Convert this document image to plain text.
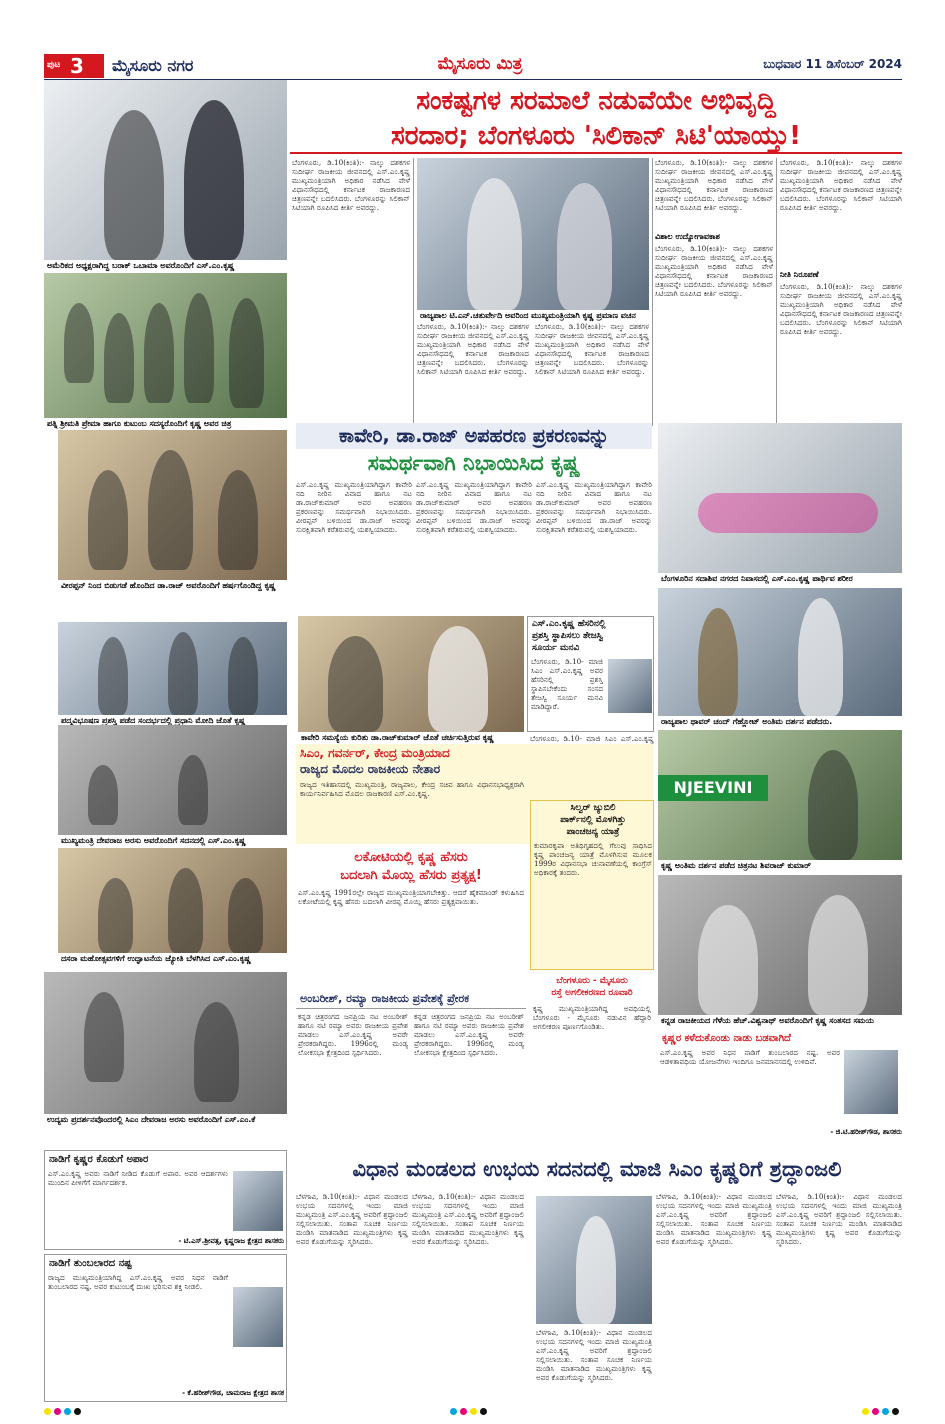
ಪುಟ 3 ಮೈಸೂರು ನಗರ	ಮೈಸೂರು ಮಿತ್ರ	ಬುಧವಾರ 11 ಡಿಸೆಂಬರ್ 2024
ಅಮೆರಿಕದ ಅಧ್ಯಕ್ಷರಾಗಿದ್ದ ಬರಾಕ್ ಒಬಾಮಾ ಅವರೊಂದಿಗೆ ಎಸ್.ಎಂ.ಕೃಷ್ಣ
ಪತ್ನಿ ಶ್ರೀಮತಿ ಪ್ರೇಮಾ ಹಾಗೂ ಕುಟುಂಬ ಸದಸ್ಯರೊಂದಿಗೆ ಕೃಷ್ಣ ಅವರ ಚಿತ್ರ
ವೀರಪ್ಪನ್ ನಿಂದ ಬಿಡುಗಡೆ ಹೊಂದಿದ ಡಾ.ರಾಜ್ ಅವರೊಂದಿಗೆ ಹರ್ಷಗೊಂಡಿದ್ದ ಕೃಷ್ಣ
ಪದ್ಮವಿಭೂಷಣ ಪ್ರಶಸ್ತಿ ಪಡೆದ ಸಂದರ್ಭದಲ್ಲಿ ಪ್ರಧಾನಿ ಮೋದಿ ಜೊತೆ ಕೃಷ್ಣ
ಮುಖ್ಯಮಂತ್ರಿ ದೇವರಾಜ ಅರಸು ಅವರೊಂದಿಗೆ ಸದನದಲ್ಲಿ ಎಸ್.ಎಂ.ಕೃಷ್ಣ
ದಸರಾ ಮಹೋತ್ಸವಗಳಿಗೆ ಉದ್ಘಾಟನೆಯ ಜ್ಯೋತಿ ಬೆಳಗಿಸಿದ ಎಸ್.ಎಂ.ಕೃಷ್ಣ
ಉದ್ಯಮ ಪ್ರದರ್ಶನವೊಂದರಲ್ಲಿ ಸಿಎಂ ದೇವರಾಜ ಅರಸು ಅವರೊಂದಿಗೆ ಎಸ್.ಎಂ.ಕೆ
ಸಂಕಷ್ಟಗಳ ಸರಮಾಲೆ ನಡುವೆಯೇ ಅಭಿವೃದ್ಧಿ
ಸರದಾರ; ಬೆಂಗಳೂರು 'ಸಿಲಿಕಾನ್ ಸಿಟಿ'ಯಾಯ್ತು!
ಬೆಂಗಳೂರು, ಡಿ.10(ಕಿಂತಿ):- ನಾಲ್ಕು ದಶಕಗಳ ಸುದೀರ್ಘ ರಾಜಕೀಯ ಜೀವನದಲ್ಲಿ ಎಸ್.ಎಂ.ಕೃಷ್ಣ ಮುಖ್ಯಮಂತ್ರಿಯಾಗಿ ಅಧಿಕಾರ ನಡೆಸಿದ ವೇಳೆ ವಿಧಾನಸೌಧದಲ್ಲಿ ಕರ್ನಾಟಕ ರಾಜಕಾರಣದ ಚಿತ್ರಣವನ್ನೇ ಬದಲಿಸಿದರು. ಬೆಂಗಳೂರನ್ನು ಸಿಲಿಕಾನ್ ಸಿಟಿಯಾಗಿ ರೂಪಿಸಿದ ಕೀರ್ತಿ ಅವರದ್ದು.
ರಾಜ್ಯಪಾಲ ಟಿ.ಎನ್.ಚತುರ್ವೇದಿ ಅವರಿಂದ ಮುಖ್ಯಮಂತ್ರಿಯಾಗಿ ಕೃಷ್ಣ ಪ್ರಮಾಣ ವಚನ
ಬೆಂಗಳೂರು, ಡಿ.10(ಕಿಂತಿ):- ನಾಲ್ಕು ದಶಕಗಳ ಸುದೀರ್ಘ ರಾಜಕೀಯ ಜೀವನದಲ್ಲಿ ಎಸ್.ಎಂ.ಕೃಷ್ಣ ಮುಖ್ಯಮಂತ್ರಿಯಾಗಿ ಅಧಿಕಾರ ನಡೆಸಿದ ವೇಳೆ ವಿಧಾನಸೌಧದಲ್ಲಿ ಕರ್ನಾಟಕ ರಾಜಕಾರಣದ ಚಿತ್ರಣವನ್ನೇ ಬದಲಿಸಿದರು. ಬೆಂಗಳೂರನ್ನು ಸಿಲಿಕಾನ್ ಸಿಟಿಯಾಗಿ ರೂಪಿಸಿದ ಕೀರ್ತಿ ಅವರದ್ದು.
ಬೆಂಗಳೂರು, ಡಿ.10(ಕಿಂತಿ):- ನಾಲ್ಕು ದಶಕಗಳ ಸುದೀರ್ಘ ರಾಜಕೀಯ ಜೀವನದಲ್ಲಿ ಎಸ್.ಎಂ.ಕೃಷ್ಣ ಮುಖ್ಯಮಂತ್ರಿಯಾಗಿ ಅಧಿಕಾರ ನಡೆಸಿದ ವೇಳೆ ವಿಧಾನಸೌಧದಲ್ಲಿ ಕರ್ನಾಟಕ ರಾಜಕಾರಣದ ಚಿತ್ರಣವನ್ನೇ ಬದಲಿಸಿದರು. ಬೆಂಗಳೂರನ್ನು ಸಿಲಿಕಾನ್ ಸಿಟಿಯಾಗಿ ರೂಪಿಸಿದ ಕೀರ್ತಿ ಅವರದ್ದು.
ಬೆಂಗಳೂರು, ಡಿ.10(ಕಿಂತಿ):- ನಾಲ್ಕು ದಶಕಗಳ ಸುದೀರ್ಘ ರಾಜಕೀಯ ಜೀವನದಲ್ಲಿ ಎಸ್.ಎಂ.ಕೃಷ್ಣ ಮುಖ್ಯಮಂತ್ರಿಯಾಗಿ ಅಧಿಕಾರ ನಡೆಸಿದ ವೇಳೆ ವಿಧಾನಸೌಧದಲ್ಲಿ ಕರ್ನಾಟಕ ರಾಜಕಾರಣದ ಚಿತ್ರಣವನ್ನೇ ಬದಲಿಸಿದರು. ಬೆಂಗಳೂರನ್ನು ಸಿಲಿಕಾನ್ ಸಿಟಿಯಾಗಿ ರೂಪಿಸಿದ ಕೀರ್ತಿ ಅವರದ್ದು.
ವಿಶಾಲ ಉದ್ಯೋಗಾವಕಾಶ
ಬೆಂಗಳೂರು, ಡಿ.10(ಕಿಂತಿ):- ನಾಲ್ಕು ದಶಕಗಳ ಸುದೀರ್ಘ ರಾಜಕೀಯ ಜೀವನದಲ್ಲಿ ಎಸ್.ಎಂ.ಕೃಷ್ಣ ಮುಖ್ಯಮಂತ್ರಿಯಾಗಿ ಅಧಿಕಾರ ನಡೆಸಿದ ವೇಳೆ ವಿಧಾನಸೌಧದಲ್ಲಿ ಕರ್ನಾಟಕ ರಾಜಕಾರಣದ ಚಿತ್ರಣವನ್ನೇ ಬದಲಿಸಿದರು. ಬೆಂಗಳೂರನ್ನು ಸಿಲಿಕಾನ್ ಸಿಟಿಯಾಗಿ ರೂಪಿಸಿದ ಕೀರ್ತಿ ಅವರದ್ದು.
ಬೆಂಗಳೂರು, ಡಿ.10(ಕಿಂತಿ):- ನಾಲ್ಕು ದಶಕಗಳ ಸುದೀರ್ಘ ರಾಜಕೀಯ ಜೀವನದಲ್ಲಿ ಎಸ್.ಎಂ.ಕೃಷ್ಣ ಮುಖ್ಯಮಂತ್ರಿಯಾಗಿ ಅಧಿಕಾರ ನಡೆಸಿದ ವೇಳೆ ವಿಧಾನಸೌಧದಲ್ಲಿ ಕರ್ನಾಟಕ ರಾಜಕಾರಣದ ಚಿತ್ರಣವನ್ನೇ ಬದಲಿಸಿದರು. ಬೆಂಗಳೂರನ್ನು ಸಿಲಿಕಾನ್ ಸಿಟಿಯಾಗಿ ರೂಪಿಸಿದ ಕೀರ್ತಿ ಅವರದ್ದು.
ನೀತಿ ನಿರೂಪಣೆ
ಬೆಂಗಳೂರು, ಡಿ.10(ಕಿಂತಿ):- ನಾಲ್ಕು ದಶಕಗಳ ಸುದೀರ್ಘ ರಾಜಕೀಯ ಜೀವನದಲ್ಲಿ ಎಸ್.ಎಂ.ಕೃಷ್ಣ ಮುಖ್ಯಮಂತ್ರಿಯಾಗಿ ಅಧಿಕಾರ ನಡೆಸಿದ ವೇಳೆ ವಿಧಾನಸೌಧದಲ್ಲಿ ಕರ್ನಾಟಕ ರಾಜಕಾರಣದ ಚಿತ್ರಣವನ್ನೇ ಬದಲಿಸಿದರು. ಬೆಂಗಳೂರನ್ನು ಸಿಲಿಕಾನ್ ಸಿಟಿಯಾಗಿ ರೂಪಿಸಿದ ಕೀರ್ತಿ ಅವರದ್ದು.
ಕಾವೇರಿ, ಡಾ.ರಾಜ್ ಅಪಹರಣ ಪ್ರಕರಣವನ್ನು
ಸಮರ್ಥವಾಗಿ ನಿಭಾಯಿಸಿದ ಕೃಷ್ಣ
ಎಸ್.ಎಂ.ಕೃಷ್ಣ ಮುಖ್ಯಮಂತ್ರಿಯಾಗಿದ್ದಾಗ ಕಾವೇರಿ ನದಿ ನೀರಿನ ವಿವಾದ ಹಾಗೂ ನಟ ಡಾ.ರಾಜ್‌ಕುಮಾರ್ ಅವರ ಅಪಹರಣ ಪ್ರಕರಣವನ್ನು ಸಮರ್ಥವಾಗಿ ನಿಭಾಯಿಸಿದರು. ವೀರಪ್ಪನ್ ಬಳಿಯಿಂದ ಡಾ.ರಾಜ್ ಅವರನ್ನು ಸುರಕ್ಷಿತವಾಗಿ ಕರೆತರುವಲ್ಲಿ ಯಶಸ್ವಿಯಾದರು.
ಎಸ್.ಎಂ.ಕೃಷ್ಣ ಮುಖ್ಯಮಂತ್ರಿಯಾಗಿದ್ದಾಗ ಕಾವೇರಿ ನದಿ ನೀರಿನ ವಿವಾದ ಹಾಗೂ ನಟ ಡಾ.ರಾಜ್‌ಕುಮಾರ್ ಅವರ ಅಪಹರಣ ಪ್ರಕರಣವನ್ನು ಸಮರ್ಥವಾಗಿ ನಿಭಾಯಿಸಿದರು. ವೀರಪ್ಪನ್ ಬಳಿಯಿಂದ ಡಾ.ರಾಜ್ ಅವರನ್ನು ಸುರಕ್ಷಿತವಾಗಿ ಕರೆತರುವಲ್ಲಿ ಯಶಸ್ವಿಯಾದರು.
ಎಸ್.ಎಂ.ಕೃಷ್ಣ ಮುಖ್ಯಮಂತ್ರಿಯಾಗಿದ್ದಾಗ ಕಾವೇರಿ ನದಿ ನೀರಿನ ವಿವಾದ ಹಾಗೂ ನಟ ಡಾ.ರಾಜ್‌ಕುಮಾರ್ ಅವರ ಅಪಹರಣ ಪ್ರಕರಣವನ್ನು ಸಮರ್ಥವಾಗಿ ನಿಭಾಯಿಸಿದರು. ವೀರಪ್ಪನ್ ಬಳಿಯಿಂದ ಡಾ.ರಾಜ್ ಅವರನ್ನು ಸುರಕ್ಷಿತವಾಗಿ ಕರೆತರುವಲ್ಲಿ ಯಶಸ್ವಿಯಾದರು.
ಕಾವೇರಿ ಸಮಸ್ಯೆಯ ಕುರಿತು ಡಾ.ರಾಜ್‌ಕುಮಾರ್ ಜೊತೆ ಚರ್ಚಿಸುತ್ತಿರುವ ಕೃಷ್ಣ
ಎಸ್.ಎಂ.ಕೃಷ್ಣ ಹೆಸರಿನಲ್ಲಿ
ಪ್ರಶಸ್ತಿ ಸ್ಥಾಪಿಸಲು ತೇಜಸ್ವಿ
ಸೂರ್ಯ ಮನವಿ
ಬೆಂಗಳೂರು, ಡಿ.10- ಮಾಜಿ ಸಿಎಂ ಎಸ್.ಎಂ.ಕೃಷ್ಣ ಅವರ ಹೆಸರಿನಲ್ಲಿ ಪ್ರಶಸ್ತಿ ಸ್ಥಾಪಿಸಬೇಕೆಂದು ಸಂಸದ ತೇಜಸ್ವಿ ಸೂರ್ಯ ಮನವಿ ಮಾಡಿದ್ದಾರೆ.
ಬೆಂಗಳೂರು, ಡಿ.10- ಮಾಜಿ ಸಿಎಂ ಎಸ್.ಎಂ.ಕೃಷ್ಣ
ಸಿಎಂ, ಗವರ್ನರ್, ಕೇಂದ್ರ ಮಂತ್ರಿಯಾದ
ರಾಜ್ಯದ ಮೊದಲ ರಾಜಕೀಯ ನೇತಾರ
ರಾಜ್ಯದ ಇತಿಹಾಸದಲ್ಲಿ ಮುಖ್ಯಮಂತ್ರಿ, ರಾಜ್ಯಪಾಲ, ಕೇಂದ್ರ ಸಚಿವ ಹಾಗೂ ವಿಧಾನಸಭಾಧ್ಯಕ್ಷರಾಗಿ ಕಾರ್ಯನಿರ್ವಹಿಸಿದ ಮೊದಲ ರಾಜಕಾರಣಿ ಎಸ್.ಎಂ.ಕೃಷ್ಣ.
ಸಿಲ್ವರ್ ಜ್ಯುಬಿಲಿ
ಪಾರ್ಕ್‌ನಲ್ಲಿ ಮೊಳಗಿತ್ತು
ಪಾಂಚಜನ್ಯ ಯಾತ್ರೆ
ಕುಮಾರಕೃಪಾ ಅತಿಥಿಗೃಹದಲ್ಲಿ ಗೆಲುವು ಸಾಧಿಸಿದ ಕೃಷ್ಣ ಪಾಂಚಜನ್ಯ ಯಾತ್ರೆ ಮೊಳಗಿಸುವ ಮೂಲಕ 1999ರ ವಿಧಾನಸಭಾ ಚುನಾವಣೆಯಲ್ಲಿ ಕಾಂಗ್ರೆಸ್ ಅಧಿಕಾರಕ್ಕೆ ತಂದರು.
ಲಕೋಟಿಯಲ್ಲಿ ಕೃಷ್ಣ ಹೆಸರು
ಬದಲಾಗಿ ಮೊಯ್ಲಿ ಹೆಸರು ಪ್ರತ್ಯಕ್ಷ!
ಎಸ್.ಎಂ.ಕೃಷ್ಣ 1991ರಲ್ಲೇ ರಾಜ್ಯದ ಮುಖ್ಯಮಂತ್ರಿಯಾಗಬೇಕಿತ್ತು. ಆದರೆ ಹೈಕಮಾಂಡ್ ಕಳುಹಿಸಿದ ಲಕೋಟೆಯಲ್ಲಿ ಕೃಷ್ಣ ಹೆಸರು ಬದಲಾಗಿ ವೀರಪ್ಪ ಮೊಯ್ಲಿ ಹೆಸರು ಪ್ರತ್ಯಕ್ಷವಾಯಿತು.
ಅಂಬರೀಶ್, ರಮ್ಯಾ ರಾಜಕೀಯ ಪ್ರವೇಶಕ್ಕೆ ಪ್ರೇರಕ
ಕನ್ನಡ ಚಿತ್ರರಂಗದ ಜನಪ್ರಿಯ ನಟ ಅಂಬರೀಶ್ ಹಾಗೂ ನಟಿ ರಮ್ಯಾ ಅವರು ರಾಜಕೀಯ ಪ್ರವೇಶ ಮಾಡಲು ಎಸ್.ಎಂ.ಕೃಷ್ಣ ಅವರೇ ಪ್ರೇರಕರಾಗಿದ್ದರು. 1996ರಲ್ಲಿ ಮಂಡ್ಯ ಲೋಕಸಭಾ ಕ್ಷೇತ್ರದಿಂದ ಸ್ಪರ್ಧಿಸಿದರು.
ಕನ್ನಡ ಚಿತ್ರರಂಗದ ಜನಪ್ರಿಯ ನಟ ಅಂಬರೀಶ್ ಹಾಗೂ ನಟಿ ರಮ್ಯಾ ಅವರು ರಾಜಕೀಯ ಪ್ರವೇಶ ಮಾಡಲು ಎಸ್.ಎಂ.ಕೃಷ್ಣ ಅವರೇ ಪ್ರೇರಕರಾಗಿದ್ದರು. 1996ರಲ್ಲಿ ಮಂಡ್ಯ ಲೋಕಸಭಾ ಕ್ಷೇತ್ರದಿಂದ ಸ್ಪರ್ಧಿಸಿದರು.
ಬೆಂಗಳೂರು - ಮೈಸೂರು
ರಸ್ತೆ ಅಗಲೀಕರಣದ ರೂವಾರಿ
ಕೃಷ್ಣ ಮುಖ್ಯಮಂತ್ರಿಯಾಗಿದ್ದ ಅವಧಿಯಲ್ಲಿ ಬೆಂಗಳೂರು - ಮೈಸೂರು ನಡುವಿನ ಹೆದ್ದಾರಿ ಅಗಲೀಕರಣ ಪೂರ್ಣಗೊಂಡಿತು.
ಬೆಂಗಳೂರಿನ ಸದಾಶಿವ ನಗರದ ನಿವಾಸದಲ್ಲಿ ಎಸ್.ಎಂ.ಕೃಷ್ಣ ಪಾರ್ಥಿವ ಶರೀರ
ರಾಜ್ಯಪಾಲ ಥಾವರ್ ಚಂದ್ ಗೆಹ್ಲೋಟ್ ಅಂತಿಮ ದರ್ಶನ ಪಡೆದರು.
NJEEVINI
ಕೃಷ್ಣ ಅಂತಿಮ ದರ್ಶನ ಪಡೆದ ಚಿತ್ರನಟ ಶಿವರಾಜ್ ಕುಮಾರ್
ಕನ್ನಡ ರಾಜಕೀಯದ ಗೆಳೆಯ ಹೆಚ್.ವಿಶ್ವನಾಥ್ ಅವರೊಂದಿಗೆ ಕೃಷ್ಣ ಸಂತಸದ ಸಮಯ
ಕೃಷ್ಣರ ಕಳೆದುಕೊಂಡು ನಾಡು ಬಡವಾಗಿದೆ
ಎಸ್.ಎಂ.ಕೃಷ್ಣ ಅವರ ನಿಧನ ನಾಡಿಗೆ ತುಂಬಲಾರದ ನಷ್ಟ. ಅವರ ಆಡಳಿತಾವಧಿಯ ಯೋಜನೆಗಳು ಇಂದಿಗೂ ಜನಮಾನಸದಲ್ಲಿ ಉಳಿದಿವೆ.
- ಜಿ.ಟಿ.ಹರೀಶ್‌ಗೌಡ, ಶಾಸಕರು
ವಿಧಾನ ಮಂಡಲದ ಉಭಯ ಸದನದಲ್ಲಿ ಮಾಜಿ ಸಿಎಂ ಕೃಷ್ಣರಿಗೆ ಶ್ರದ್ಧಾಂಜಲಿ
ಬೆಳಗಾವಿ, ಡಿ.10(ಕಿಂತಿ):- ವಿಧಾನ ಮಂಡಲದ ಉಭಯ ಸದನಗಳಲ್ಲಿ ಇಂದು ಮಾಜಿ ಮುಖ್ಯಮಂತ್ರಿ ಎಸ್.ಎಂ.ಕೃಷ್ಣ ಅವರಿಗೆ ಶ್ರದ್ಧಾಂಜಲಿ ಸಲ್ಲಿಸಲಾಯಿತು. ಸಂತಾಪ ಸೂಚಕ ನಿರ್ಣಯ ಮಂಡಿಸಿ ಮಾತನಾಡಿದ ಮುಖ್ಯಮಂತ್ರಿಗಳು ಕೃಷ್ಣ ಅವರ ಕೊಡುಗೆಯನ್ನು ಸ್ಮರಿಸಿದರು.
ಬೆಳಗಾವಿ, ಡಿ.10(ಕಿಂತಿ):- ವಿಧಾನ ಮಂಡಲದ ಉಭಯ ಸದನಗಳಲ್ಲಿ ಇಂದು ಮಾಜಿ ಮುಖ್ಯಮಂತ್ರಿ ಎಸ್.ಎಂ.ಕೃಷ್ಣ ಅವರಿಗೆ ಶ್ರದ್ಧಾಂಜಲಿ ಸಲ್ಲಿಸಲಾಯಿತು. ಸಂತಾಪ ಸೂಚಕ ನಿರ್ಣಯ ಮಂಡಿಸಿ ಮಾತನಾಡಿದ ಮುಖ್ಯಮಂತ್ರಿಗಳು ಕೃಷ್ಣ ಅವರ ಕೊಡುಗೆಯನ್ನು ಸ್ಮರಿಸಿದರು.
ಬೆಳಗಾವಿ, ಡಿ.10(ಕಿಂತಿ):- ವಿಧಾನ ಮಂಡಲದ ಉಭಯ ಸದನಗಳಲ್ಲಿ ಇಂದು ಮಾಜಿ ಮುಖ್ಯಮಂತ್ರಿ ಎಸ್.ಎಂ.ಕೃಷ್ಣ ಅವರಿಗೆ ಶ್ರದ್ಧಾಂಜಲಿ ಸಲ್ಲಿಸಲಾಯಿತು. ಸಂತಾಪ ಸೂಚಕ ನಿರ್ಣಯ ಮಂಡಿಸಿ ಮಾತನಾಡಿದ ಮುಖ್ಯಮಂತ್ರಿಗಳು ಕೃಷ್ಣ ಅವರ ಕೊಡುಗೆಯನ್ನು ಸ್ಮರಿಸಿದರು.
ಬೆಳಗಾವಿ, ಡಿ.10(ಕಿಂತಿ):- ವಿಧಾನ ಮಂಡಲದ ಉಭಯ ಸದನಗಳಲ್ಲಿ ಇಂದು ಮಾಜಿ ಮುಖ್ಯಮಂತ್ರಿ ಎಸ್.ಎಂ.ಕೃಷ್ಣ ಅವರಿಗೆ ಶ್ರದ್ಧಾಂಜಲಿ ಸಲ್ಲಿಸಲಾಯಿತು. ಸಂತಾಪ ಸೂಚಕ ನಿರ್ಣಯ ಮಂಡಿಸಿ ಮಾತನಾಡಿದ ಮುಖ್ಯಮಂತ್ರಿಗಳು ಕೃಷ್ಣ ಅವರ ಕೊಡುಗೆಯನ್ನು ಸ್ಮರಿಸಿದರು.
ಬೆಳಗಾವಿ, ಡಿ.10(ಕಿಂತಿ):- ವಿಧಾನ ಮಂಡಲದ ಉಭಯ ಸದನಗಳಲ್ಲಿ ಇಂದು ಮಾಜಿ ಮುಖ್ಯಮಂತ್ರಿ ಎಸ್.ಎಂ.ಕೃಷ್ಣ ಅವರಿಗೆ ಶ್ರದ್ಧಾಂಜಲಿ ಸಲ್ಲಿಸಲಾಯಿತು. ಸಂತಾಪ ಸೂಚಕ ನಿರ್ಣಯ ಮಂಡಿಸಿ ಮಾತನಾಡಿದ ಮುಖ್ಯಮಂತ್ರಿಗಳು ಕೃಷ್ಣ ಅವರ ಕೊಡುಗೆಯನ್ನು ಸ್ಮರಿಸಿದರು.
ನಾಡಿಗೆ ಕೃಷ್ಣರ ಕೊಡುಗೆ ಅಪಾರ
ಎಸ್.ಎಂ.ಕೃಷ್ಣ ಅವರು ನಾಡಿಗೆ ನೀಡಿದ ಕೊಡುಗೆ ಅಪಾರ. ಅವರ ಆದರ್ಶಗಳು ಮುಂದಿನ ಪೀಳಿಗೆಗೆ ಮಾರ್ಗದರ್ಶಕ.
- ಟಿ.ಎಸ್.ಶ್ರೀವತ್ಸ, ಕೃಷ್ಣರಾಜ ಕ್ಷೇತ್ರದ ಶಾಸಕರು
ನಾಡಿಗೆ ತುಂಬಲಾರದ ನಷ್ಟ
ರಾಜ್ಯದ ಮುಖ್ಯಮಂತ್ರಿಯಾಗಿದ್ದ ಎಸ್.ಎಂ.ಕೃಷ್ಣ ಅವರ ನಿಧನ ನಾಡಿಗೆ ತುಂಬಲಾರದ ನಷ್ಟ. ಅವರ ಕುಟುಂಬಕ್ಕೆ ದುಃಖ ಭರಿಸುವ ಶಕ್ತಿ ನೀಡಲಿ.
- ಕೆ.ಹರೀಶ್‌ಗೌಡ, ಚಾಮರಾಜ ಕ್ಷೇತ್ರದ ಶಾಸಕ
